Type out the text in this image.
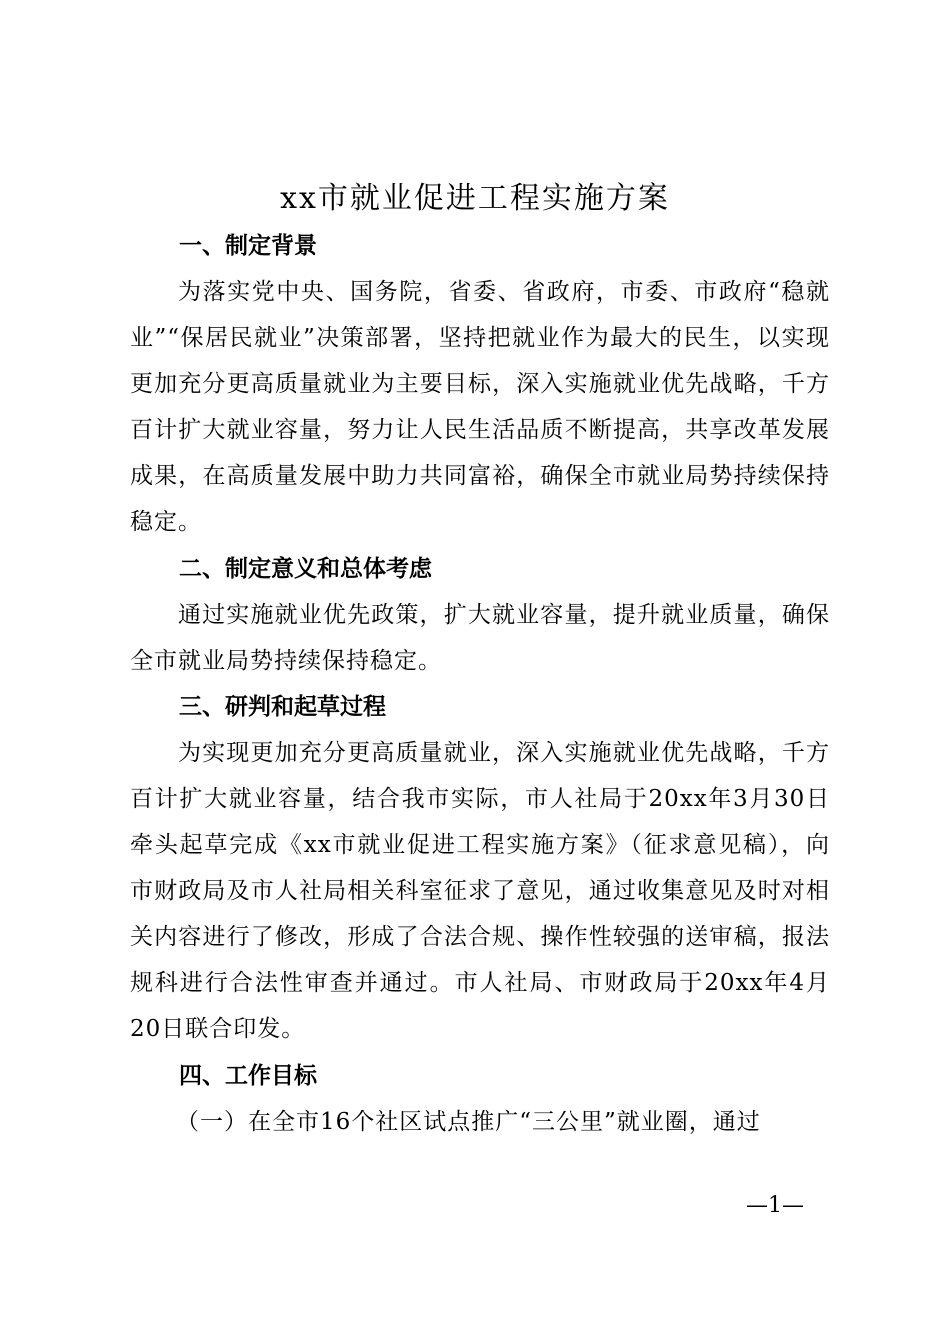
xx市就业促进工程实施方案
一、制定背景
为落实党中央、国务院，省委、省政府，市委、市政府“稳就业”“保居民就业”决策部署，坚持把就业作为最大的民生，以实现更加充分更高质量就业为主要目标，深入实施就业优先战略，千方百计扩大就业容量，努力让人民生活品质不断提高，共享改革发展成果，在高质量发展中助力共同富裕，确保全市就业局势持续保持稳定。
二、制定意义和总体考虑
通过实施就业优先政策，扩大就业容量，提升就业质量，确保全市就业局势持续保持稳定。
三、研判和起草过程
为实现更加充分更高质量就业，深入实施就业优先战略，千方百计扩大就业容量，结合我市实际，市人社局于20xx年3月30日牵头起草完成《xx市就业促进工程实施方案》（征求意见稿），向市财政局及市人社局相关科室征求了意见，通过收集意见及时对相关内容进行了修改，形成了合法合规、操作性较强的送审稿，报法规科进行合法性审查并通过。市人社局、市财政局于20xx年4月20日联合印发。
四、工作目标
（一）在全市16个社区试点推广“三公里”就业圈，通过
—1—
